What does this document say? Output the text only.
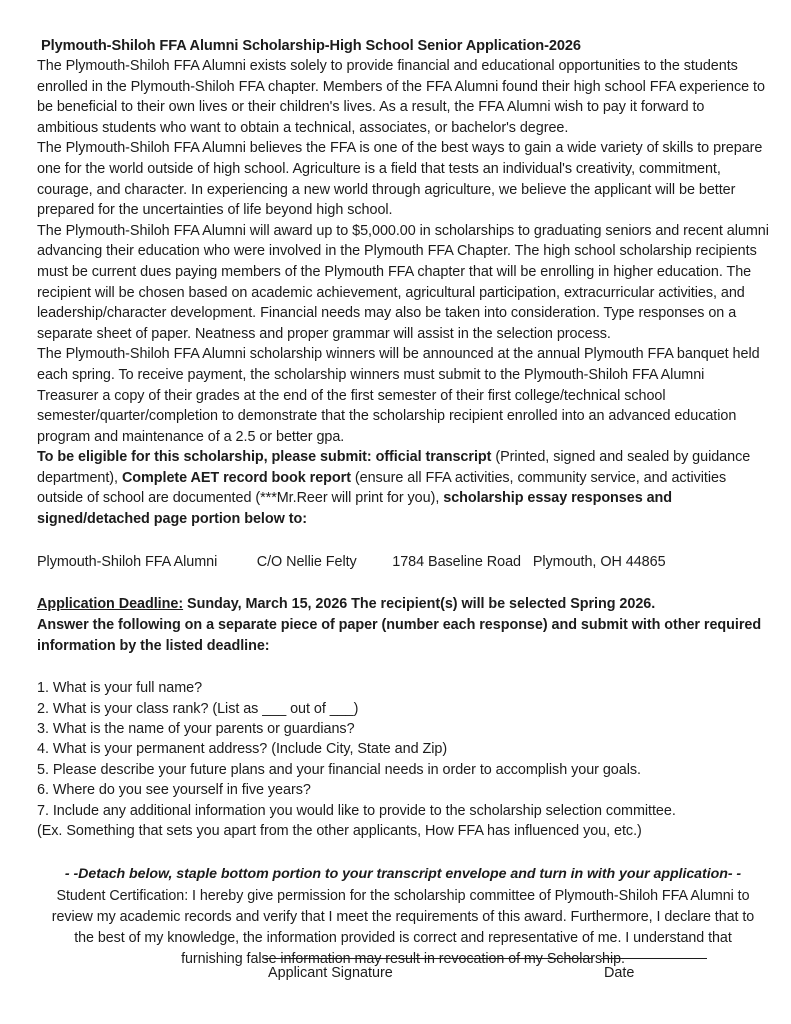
Plymouth-Shiloh FFA Alumni Scholarship-High School Senior Application-2026

The Plymouth-Shiloh FFA Alumni exists solely to provide financial and educational opportunities to the students enrolled in the Plymouth-Shiloh FFA chapter. Members of the FFA Alumni found their high school FFA experience to be beneficial to their own lives or their children's lives. As a result, the FFA Alumni wish to pay it forward to ambitious students who want to obtain a technical, associates, or bachelor's degree.

The Plymouth-Shiloh FFA Alumni believes the FFA is one of the best ways to gain a wide variety of skills to prepare one for the world outside of high school. Agriculture is a field that tests an individual's creativity, commitment, courage, and character. In experiencing a new world through agriculture, we believe the applicant will be better prepared for the uncertainties of life beyond high school.

The Plymouth-Shiloh FFA Alumni will award up to $5,000.00 in scholarships to graduating seniors and recent alumni advancing their education who were involved in the Plymouth FFA Chapter. The high school scholarship recipients must be current dues paying members of the Plymouth FFA chapter that will be enrolling in higher education. The recipient will be chosen based on academic achievement, agricultural participation, extracurricular activities, and leadership/character development. Financial needs may also be taken into consideration. Type responses on a separate sheet of paper. Neatness and proper grammar will assist in the selection process.

The Plymouth-Shiloh FFA Alumni scholarship winners will be announced at the annual Plymouth FFA banquet held each spring. To receive payment, the scholarship winners must submit to the Plymouth-Shiloh FFA Alumni Treasurer a copy of their grades at the end of the first semester of their first college/technical school semester/quarter/completion to demonstrate that the scholarship recipient enrolled into an advanced education program and maintenance of a 2.5 or better gpa.

To be eligible for this scholarship, please submit: official transcript (Printed, signed and sealed by guidance department), Complete AET record book report (ensure all FFA activities, community service, and activities outside of school are documented (***Mr.Reer will print for you), scholarship essay responses and signed/detached page portion below to:

Plymouth-Shiloh FFA Alumni	C/O Nellie Felty 1784 Baseline Road Plymouth, OH 44865
Application Deadline: Sunday, March 15, 2026 The recipient(s) will be selected Spring 2026.
Answer the following on a separate piece of paper (number each response) and submit with other required information by the listed deadline:
1. What is your full name?
2. What is your class rank? (List as ___ out of ___)
3. What is the name of your parents or guardians?
4. What is your permanent address? (Include City, State and Zip)
5. Please describe your future plans and your financial needs in order to accomplish your goals.
6. Where do you see yourself in five years?
7. Include any additional information you would like to provide to the scholarship selection committee.
(Ex. Something that sets you apart from the other applicants, How FFA has influenced you, etc.)
- -Detach below, staple bottom portion to your transcript envelope and turn in with your application- -
Student Certification: I hereby give permission for the scholarship committee of Plymouth-Shiloh FFA Alumni to review my academic records and verify that I meet the requirements of this award. Furthermore, I declare that to the best of my knowledge, the information provided is correct and representative of me. I understand that furnishing false information may result in revocation of my Scholarship.
Applicant Signature	Date
